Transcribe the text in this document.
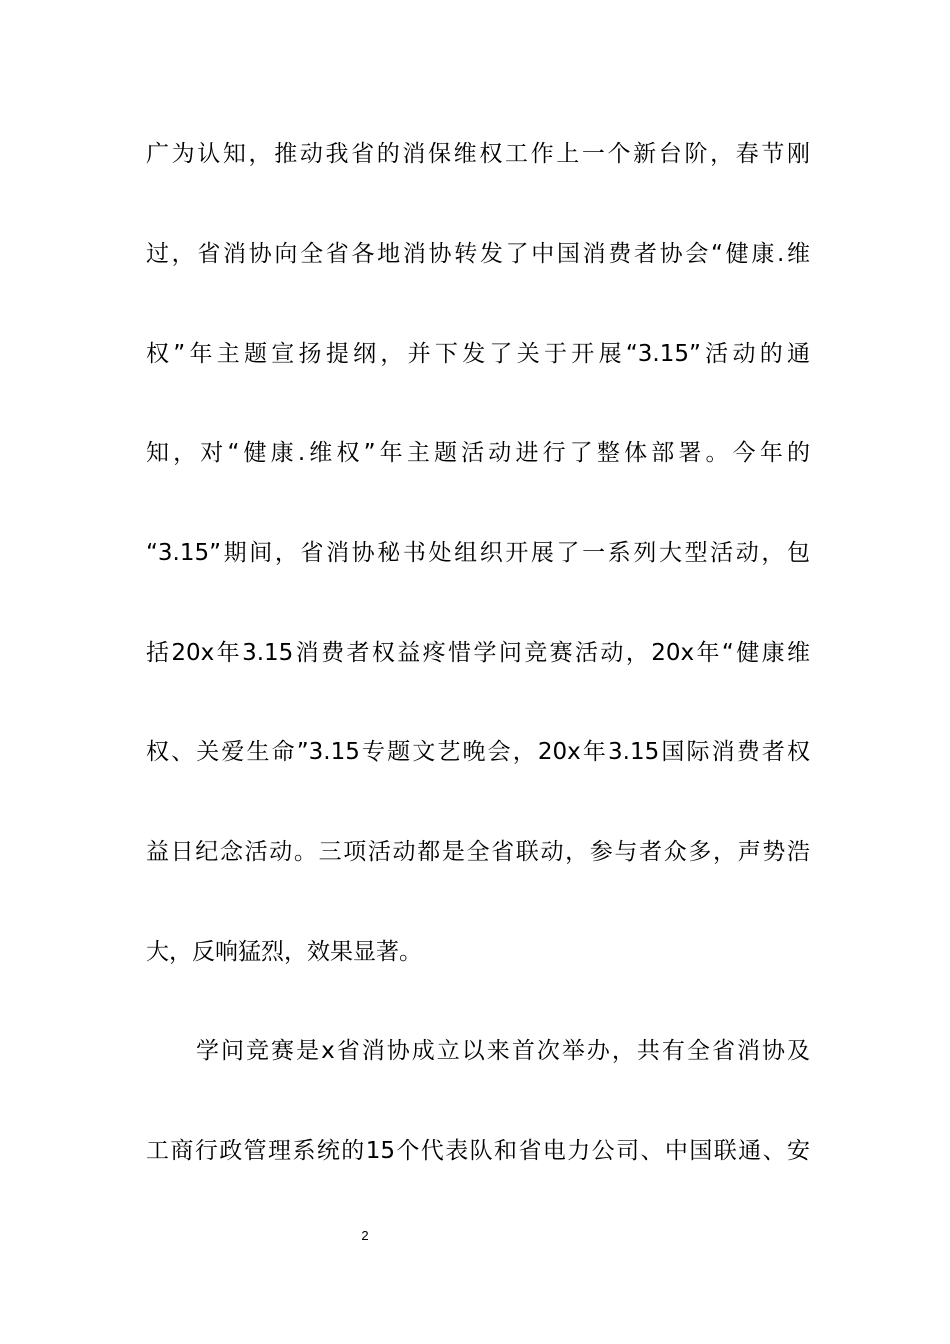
广为认知，推动我省的消保维权工作上一个新台阶，春节刚
过，省消协向全省各地消协转发了中国消费者协会“健康.维
权”年主题宣扬提纲，并下发了关于开展“3.15”活动的通
知，对“健康.维权”年主题活动进行了整体部署。今年的
“3.15”期间，省消协秘书处组织开展了一系列大型活动，包
括20x年3.15消费者权益疼惜学问竞赛活动，20x年“健康维
权、关爱生命”3.15专题文艺晚会，20x年3.15国际消费者权
益日纪念活动。三项活动都是全省联动，参与者众多，声势浩
大，反响猛烈，效果显著。
学问竞赛是x省消协成立以来首次举办，共有全省消协及
工商行政管理系统的15个代表队和省电力公司、中国联通、安
2
